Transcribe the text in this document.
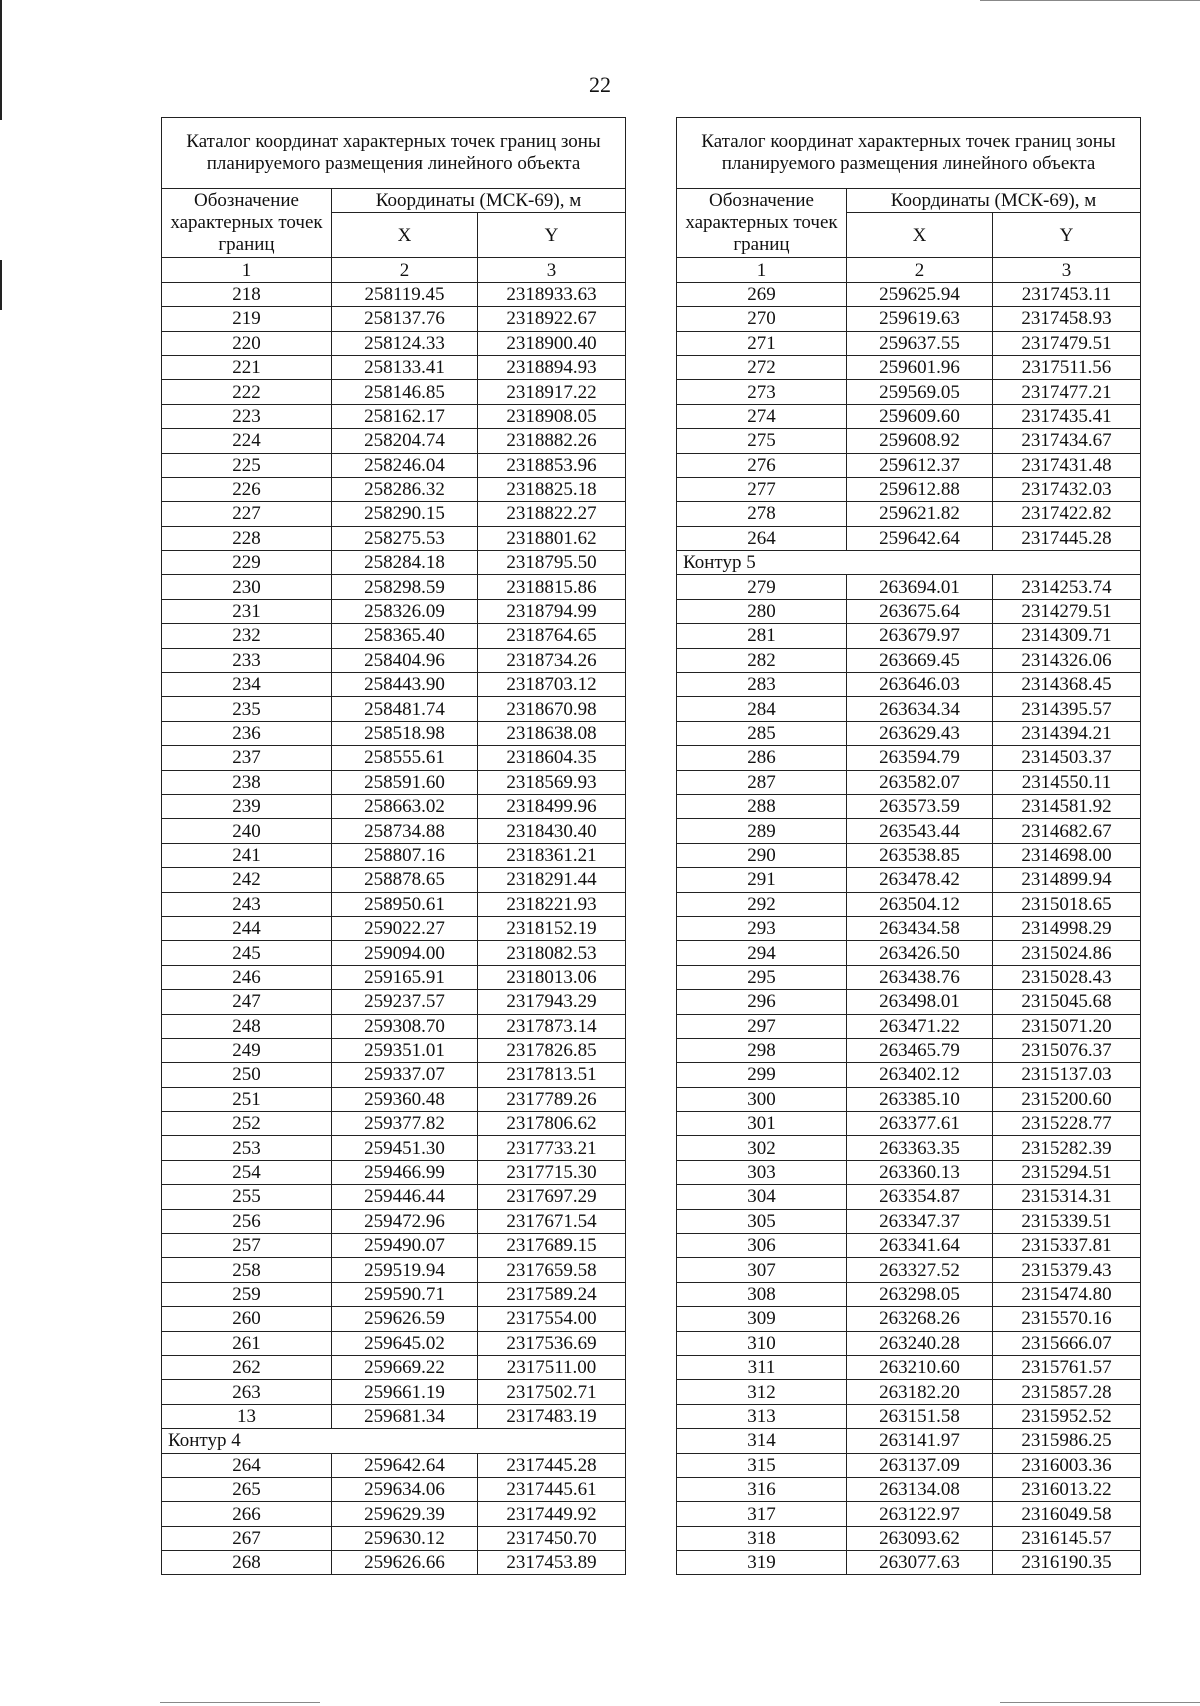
22
Каталог координат характерных точек границ зоны планируемого размещения линейного объекта		
Обозначение характерных точек границ	Координаты (МСК-69), м	
	X	Y
1	2	3
218	258119.45	2318933.63
219	258137.76	2318922.67
220	258124.33	2318900.40
221	258133.41	2318894.93
222	258146.85	2318917.22
223	258162.17	2318908.05
224	258204.74	2318882.26
225	258246.04	2318853.96
226	258286.32	2318825.18
227	258290.15	2318822.27
228	258275.53	2318801.62
229	258284.18	2318795.50
230	258298.59	2318815.86
231	258326.09	2318794.99
232	258365.40	2318764.65
233	258404.96	2318734.26
234	258443.90	2318703.12
235	258481.74	2318670.98
236	258518.98	2318638.08
237	258555.61	2318604.35
238	258591.60	2318569.93
239	258663.02	2318499.96
240	258734.88	2318430.40
241	258807.16	2318361.21
242	258878.65	2318291.44
243	258950.61	2318221.93
244	259022.27	2318152.19
245	259094.00	2318082.53
246	259165.91	2318013.06
247	259237.57	2317943.29
248	259308.70	2317873.14
249	259351.01	2317826.85
250	259337.07	2317813.51
251	259360.48	2317789.26
252	259377.82	2317806.62
253	259451.30	2317733.21
254	259466.99	2317715.30
255	259446.44	2317697.29
256	259472.96	2317671.54
257	259490.07	2317689.15
258	259519.94	2317659.58
259	259590.71	2317589.24
260	259626.59	2317554.00
261	259645.02	2317536.69
262	259669.22	2317511.00
263	259661.19	2317502.71
13	259681.34	2317483.19
Контур 4		
264	259642.64	2317445.28
265	259634.06	2317445.61
266	259629.39	2317449.92
267	259630.12	2317450.70
268	259626.66	2317453.89
Каталог координат характерных точек границ зоны планируемого размещения линейного объекта		
Обозначение характерных точек границ	Координаты (МСК-69), м	
	X	Y
1	2	3
269	259625.94	2317453.11
270	259619.63	2317458.93
271	259637.55	2317479.51
272	259601.96	2317511.56
273	259569.05	2317477.21
274	259609.60	2317435.41
275	259608.92	2317434.67
276	259612.37	2317431.48
277	259612.88	2317432.03
278	259621.82	2317422.82
264	259642.64	2317445.28
Контур 5		
279	263694.01	2314253.74
280	263675.64	2314279.51
281	263679.97	2314309.71
282	263669.45	2314326.06
283	263646.03	2314368.45
284	263634.34	2314395.57
285	263629.43	2314394.21
286	263594.79	2314503.37
287	263582.07	2314550.11
288	263573.59	2314581.92
289	263543.44	2314682.67
290	263538.85	2314698.00
291	263478.42	2314899.94
292	263504.12	2315018.65
293	263434.58	2314998.29
294	263426.50	2315024.86
295	263438.76	2315028.43
296	263498.01	2315045.68
297	263471.22	2315071.20
298	263465.79	2315076.37
299	263402.12	2315137.03
300	263385.10	2315200.60
301	263377.61	2315228.77
302	263363.35	2315282.39
303	263360.13	2315294.51
304	263354.87	2315314.31
305	263347.37	2315339.51
306	263341.64	2315337.81
307	263327.52	2315379.43
308	263298.05	2315474.80
309	263268.26	2315570.16
310	263240.28	2315666.07
311	263210.60	2315761.57
312	263182.20	2315857.28
313	263151.58	2315952.52
314	263141.97	2315986.25
315	263137.09	2316003.36
316	263134.08	2316013.22
317	263122.97	2316049.58
318	263093.62	2316145.57
319	263077.63	2316190.35
